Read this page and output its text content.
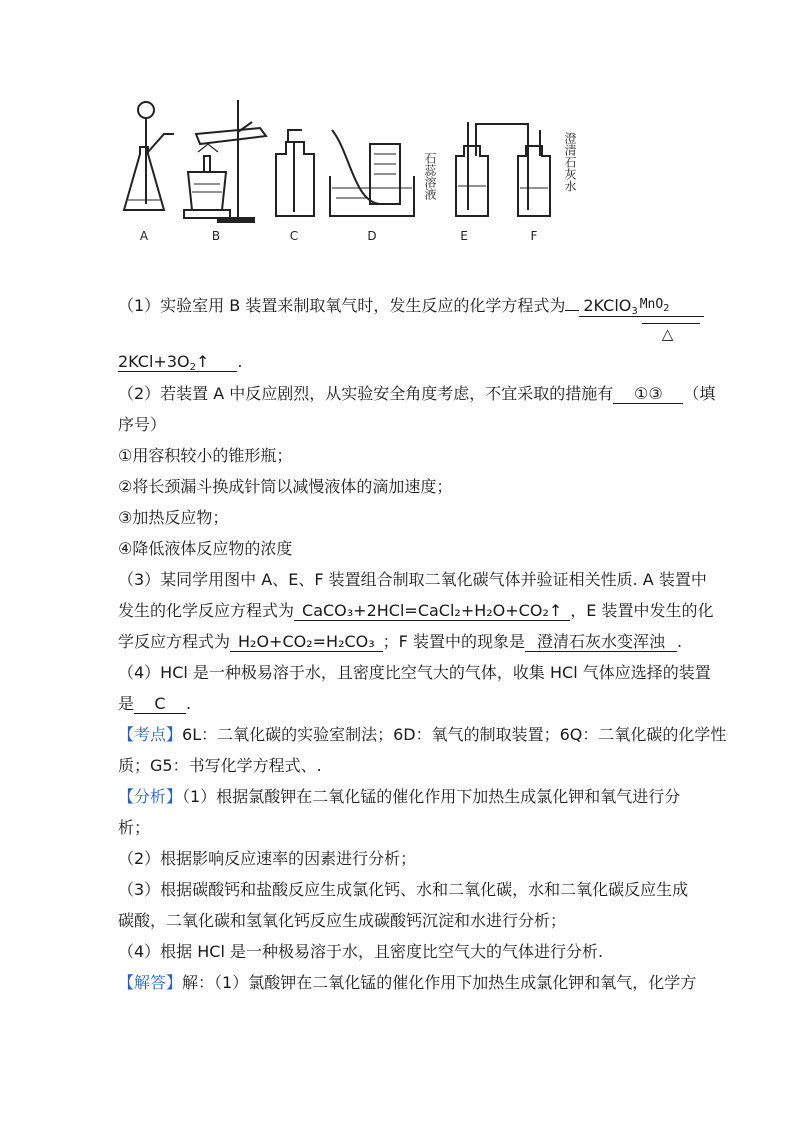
A	B	C	D	E	F
石蕊溶液	澄清石灰水
（1）实验室用 B 装置来制取氧气时，发生反应的化学方程式为 2KClO$_3$ MnO$_2$
△
$2KCl+3O_2↑$ .
（2）若装置 A 中反应剧烈，从实验安全角度考虑，不宜采取的措施有 ①③ （填
序号）
①用容积较小的锥形瓶；
②将长颈漏斗换成针筒以减慢液体的滴加速度；
③加热反应物；
④降低液体反应物的浓度
（3）某同学用图中 A、E、F 装置组合制取二氧化碳气体并验证相关性质. A 装置中
发生的化学反应方程式为 CaCO₃+2HCl=CaCl₂+H₂O+CO₂↑ ，E 装置中发生的化
学反应方程式为 H₂O+CO₂=H₂CO₃ ；F 装置中的现象是 澄清石灰水变浑浊 .
（4）HCl 是一种极易溶于水，且密度比空气大的气体，收集 HCl 气体应选择的装置
是 C .
【考点】6L：二氧化碳的实验室制法；6D：氧气的制取装置；6Q：二氧化碳的化学性
质；G5：书写化学方程式、.
【分析】（1）根据氯酸钾在二氧化锰的催化作用下加热生成氯化钾和氧气进行分
析；
（2）根据影响反应速率的因素进行分析；
（3）根据碳酸钙和盐酸反应生成氯化钙、水和二氧化碳，水和二氧化碳反应生成
碳酸，二氧化碳和氢氧化钙反应生成碳酸钙沉淀和水进行分析；
（4）根据 HCl 是一种极易溶于水，且密度比空气大的气体进行分析.
【解答】解：（1）氯酸钾在二氧化锰的催化作用下加热生成氯化钾和氧气，化学方
